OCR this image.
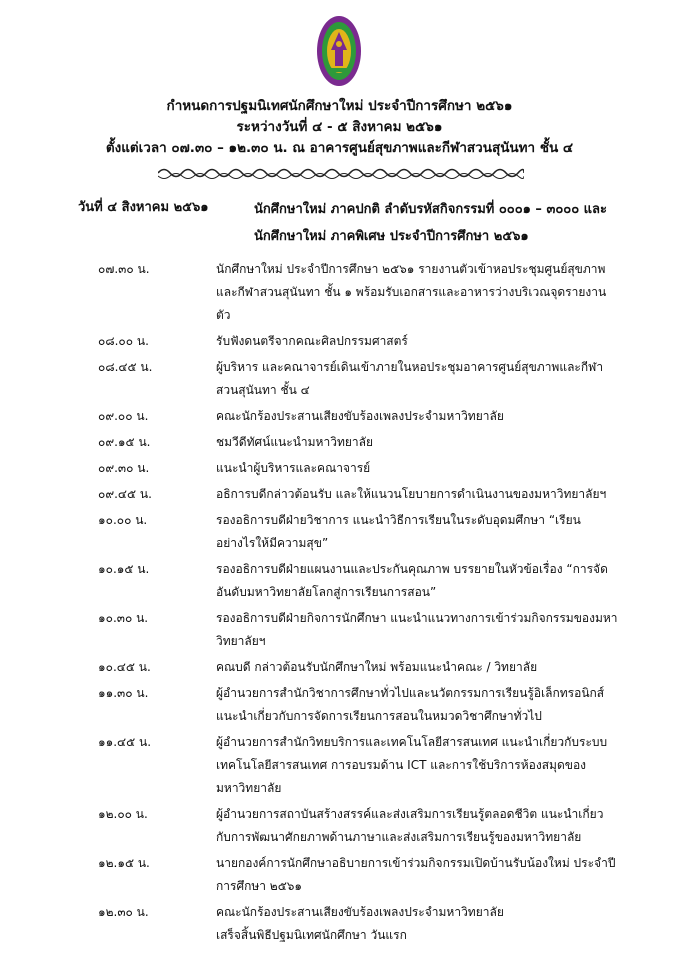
กำหนดการปฐมนิเทศนักศึกษาใหม่ ประจำปีการศึกษา ๒๕๖๑
ระหว่างวันที่ ๔ - ๕ สิงหาคม ๒๕๖๑
ตั้งแต่เวลา ๐๗.๓๐ – ๑๒.๓๐ น. ณ อาคารศูนย์สุขภาพและกีฬาสวนสุนันทา ชั้น ๔
วันที่ ๔ สิงหาคม ๒๕๖๑	นักศึกษาใหม่ ภาคปกติ ลำดับรหัสกิจกรรมที่ ๐๐๐๑ – ๓๐๐๐ และนักศึกษาใหม่ ภาคพิเศษ ประจำปีการศึกษา ๒๕๖๑
๐๗.๓๐ น.	นักศึกษาใหม่ ประจำปีการศึกษา ๒๕๖๑ รายงานตัวเข้าหอประชุมศูนย์สุขภาพและกีฬาสวนสุนันทา ชั้น ๑ พร้อมรับเอกสารและอาหารว่างบริเวณจุดรายงานตัว
๐๘.๐๐ น.	รับฟังดนตรีจากคณะศิลปกรรมศาสตร์
๐๘.๔๕ น.	ผู้บริหาร และคณาจารย์เดินเข้าภายในหอประชุมอาคารศูนย์สุขภาพและกีฬาสวนสุนันทา ชั้น ๔
๐๙.๐๐ น.	คณะนักร้องประสานเสียงขับร้องเพลงประจำมหาวิทยาลัย
๐๙.๑๕ น.	ชมวีดีทัศน์แนะนำมหาวิทยาลัย
๐๙.๓๐ น.	แนะนำผู้บริหารและคณาจารย์
๐๙.๔๕ น.	อธิการบดีกล่าวต้อนรับ และให้แนวนโยบายการดำเนินงานของมหาวิทยาลัยฯ
๑๐.๐๐ น.	รองอธิการบดีฝ่ายวิชาการ แนะนำวิธีการเรียนในระดับอุดมศึกษา “เรียนอย่างไรให้มีความสุข”
๑๐.๑๕ น.	รองอธิการบดีฝ่ายแผนงานและประกันคุณภาพ บรรยายในหัวข้อเรื่อง “การจัดอันดับมหาวิทยาลัยโลกสู่การเรียนการสอน”
๑๐.๓๐ น.	รองอธิการบดีฝ่ายกิจการนักศึกษา แนะนำแนวทางการเข้าร่วมกิจกรรมของมหาวิทยาลัยฯ
๑๐.๔๕ น.	คณบดี กล่าวต้อนรับนักศึกษาใหม่ พร้อมแนะนำคณะ / วิทยาลัย
๑๑.๓๐ น.	ผู้อำนวยการสำนักวิชาการศึกษาทั่วไปและนวัตกรรมการเรียนรู้อิเล็กทรอนิกส์ แนะนำเกี่ยวกับการจัดการเรียนการสอนในหมวดวิชาศึกษาทั่วไป
๑๑.๔๕ น.	ผู้อำนวยการสำนักวิทยบริการและเทคโนโลยีสารสนเทศ แนะนำเกี่ยวกับระบบเทคโนโลยีสารสนเทศ การอบรมด้าน ICT และการใช้บริการห้องสมุดของมหาวิทยาลัย
๑๒.๐๐ น.	ผู้อำนวยการสถาบันสร้างสรรค์และส่งเสริมการเรียนรู้ตลอดชีวิต แนะนำเกี่ยวกับการพัฒนาศักยภาพด้านภาษาและส่งเสริมการเรียนรู้ของมหาวิทยาลัย
๑๒.๑๕ น.	นายกองค์การนักศึกษาอธิบายการเข้าร่วมกิจกรรมเปิดบ้านรับน้องใหม่ ประจำปีการศึกษา ๒๕๖๑
๑๒.๓๐ น.	คณะนักร้องประสานเสียงขับร้องเพลงประจำมหาวิทยาลัย
เสร็จสิ้นพิธีปฐมนิเทศนักศึกษา วันแรก
